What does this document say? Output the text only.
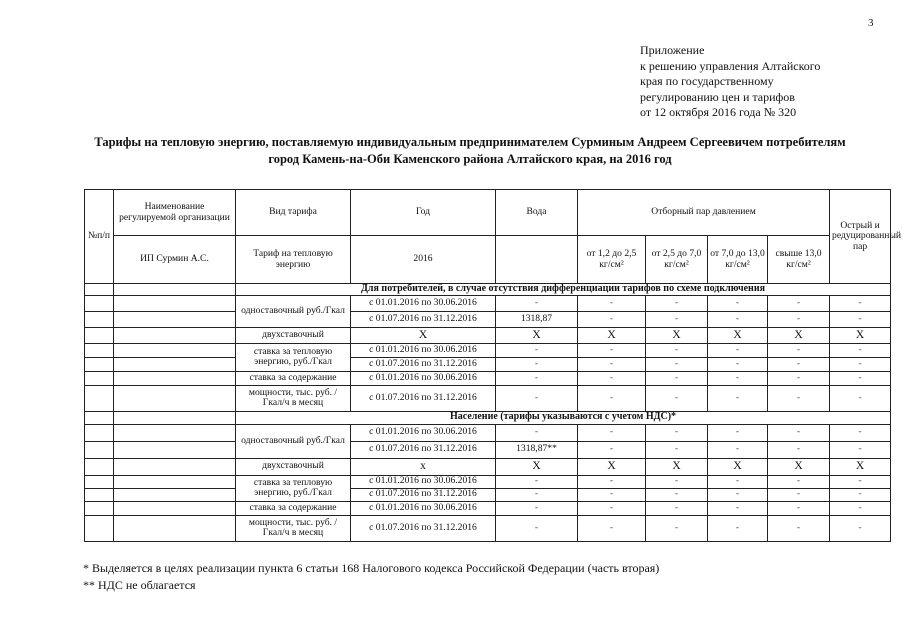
3
Приложение
к решению управления Алтайского
края по государственному
регулированию цен и тарифов
от 12 октября 2016 года № 320
Тарифы на тепловую энергию, поставляемую индивидуальным предпринимателем Сурминым Андреем Сергеевичем потребителям
город Камень-на-Оби Каменского района Алтайского края, на 2016 год
№п/п	Наименование регулируемой организации	Вид тарифа	Год	Вода	Отборный пар давлением				Острый и редуцированный пар
	ИП Сурмин А.С.	Тариф на тепловую энергию	2016		от 1,2 до 2,5 кг/см²	от 2,5 до 7,0 кг/см²	от 7,0 до 13,0 кг/см²	свыше 13,0 кг/см²	
		Для потребителей, в случае отсутствия дифференциации тарифов по схеме подключения							
		одноставочный руб./Гкал	с 01.01.2016 по 30.06.2016	-	-	-	-	-	-
			с 01.07.2016 по 31.12.2016	1318,87	-	-	-	-	-
		двухставочный	X	X	X	X	X	X	X
		ставка за тепловую энергию, руб./Гкал	с 01.01.2016 по 30.06.2016	-	-	-	-	-	-
			с 01.07.2016 по 31.12.2016	-	-	-	-	-	-
		ставка за содержание	с 01.01.2016 по 30.06.2016	-	-	-	-	-	-
		мощности, тыс. руб. /Гкал/ч в месяц	с 01.07.2016 по 31.12.2016	-	-	-	-	-	-
		Население (тарифы указываются с учетом НДС)*							
		одноставочный руб./Гкал	с 01.01.2016 по 30.06.2016	-	-	-	-	-	-
			с 01.07.2016 по 31.12.2016	1318,87**	-	-	-	-	-
		двухставочный	x	X	X	X	X	X	X
		ставка за тепловую энергию, руб./Гкал	с 01.01.2016 по 30.06.2016	-	-	-	-	-	-
			с 01.07.2016 по 31.12.2016	-	-	-	-	-	-
		ставка за содержание	с 01.01.2016 по 30.06.2016	-	-	-	-	-	-
		мощности, тыс. руб. /Гкал/ч в месяц	с 01.07.2016 по 31.12.2016	-	-	-	-	-	-
* Выделяется в целях реализации пункта 6 статьи 168 Налогового кодекса Российской Федерации (часть вторая)
** НДС не облагается
